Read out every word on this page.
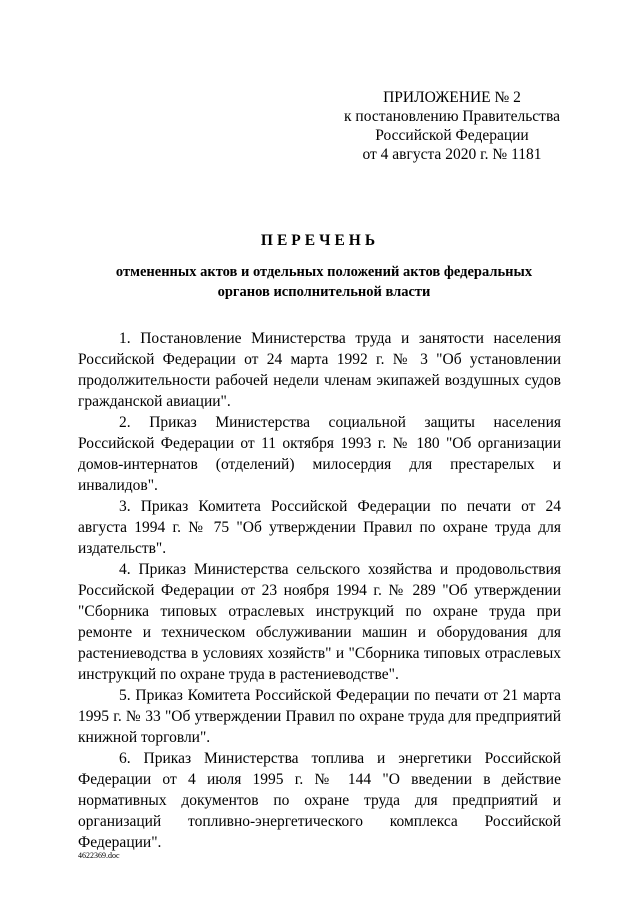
ПРИЛОЖЕНИЕ № 2
к постановлению Правительства
Российской Федерации
от 4 августа 2020 г. № 1181
ПЕРЕЧЕНЬ
отмененных актов и отдельных положений актов федеральных органов исполнительной власти

1. Постановление Министерства труда и занятости населения Российской Федерации от 24 марта 1992 г. № 3 "Об установлении продолжительности рабочей недели членам экипажей воздушных судов гражданской авиации".

2. Приказ Министерства социальной защиты населения Российской Федерации от 11 октября 1993 г. № 180 "Об организации домов-интернатов (отделений) милосердия для престарелых и инвалидов".

3. Приказ Комитета Российской Федерации по печати от 24 августа 1994 г. № 75 "Об утверждении Правил по охране труда для издательств".

4. Приказ Министерства сельского хозяйства и продовольствия Российской Федерации от 23 ноября 1994 г. № 289 "Об утверждении "Сборника типовых отраслевых инструкций по охране труда при ремонте и техническом обслуживании машин и оборудования для растениеводства в условиях хозяйств" и "Сборника типовых отраслевых инструкций по охране труда в растениеводстве".

5. Приказ Комитета Российской Федерации по печати от 21 марта 1995 г. № 33 "Об утверждении Правил по охране труда для предприятий книжной торговли".

6. Приказ Министерства топлива и энергетики Российской Федерации от 4 июля 1995 г. № 144 "О введении в действие нормативных документов по охране труда для предприятий и организаций топливно-энергетического комплекса Российской Федерации".

4622369.doc
